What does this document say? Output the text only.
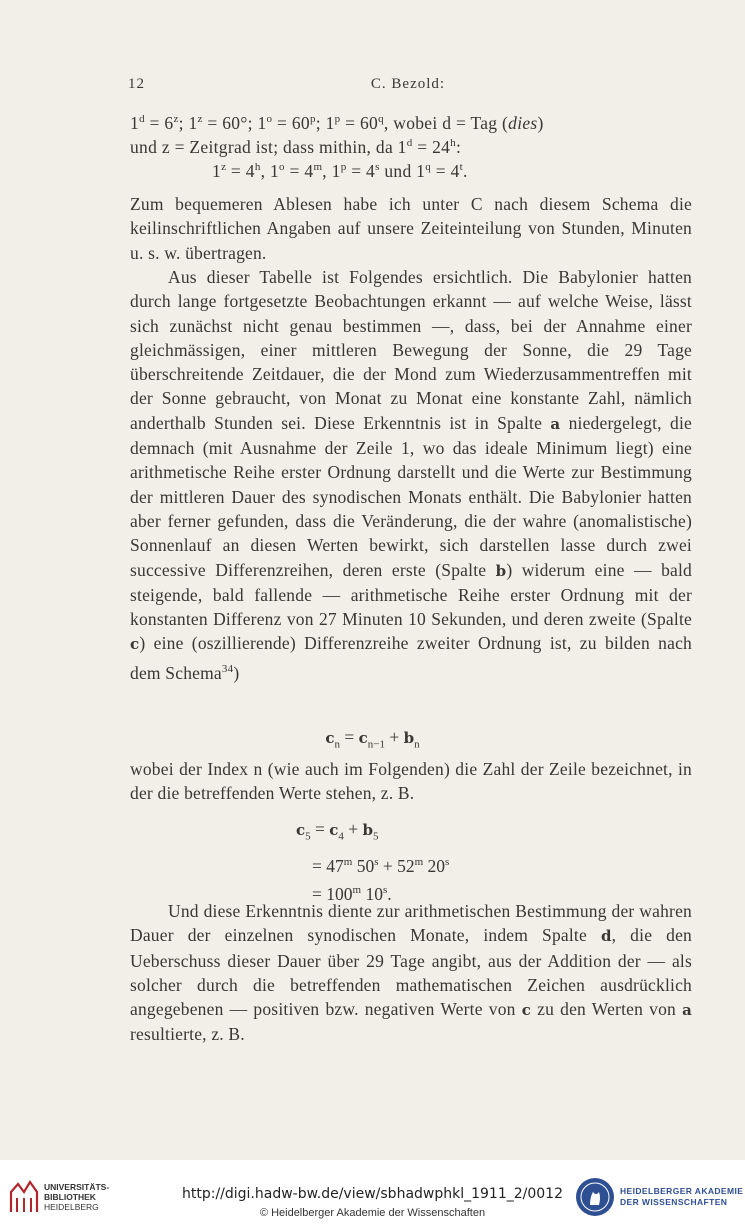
12	C. Bezold:
$1^d = 6^z$; $1^z = 60^\circ$; $1^o = 60^p$; $1^p = 60^q$, wobei d = Tag (dies)
und z = Zeitgrad ist; dass mithin, da $1^d = 24^h$:
$1^z = 4^h$, $1^o = 4^m$, $1^p = 4^s$ und $1^q = 4^t$.

Zum bequemeren Ablesen habe ich unter C nach diesem Schema die keilinschriftlichen Angaben auf unsere Zeiteinteilung von Stunden, Minuten u. s. w. übertragen.

Aus dieser Tabelle ist Folgendes ersichtlich. Die Babylonier hatten durch lange fortgesetzte Beobachtungen erkannt — auf welche Weise, lässt sich zunächst nicht genau bestimmen —, dass, bei der Annahme einer gleichmässigen, einer mittleren Bewegung der Sonne, die 29 Tage überschreitende Zeitdauer, die der Mond zum Wiederzusammentreffen mit der Sonne gebraucht, von Monat zu Monat eine konstante Zahl, nämlich anderthalb Stunden sei. Diese Erkenntnis ist in Spalte a niedergelegt, die demnach (mit Ausnahme der Zeile 1, wo das ideale Minimum liegt) eine arithmetische Reihe erster Ordnung darstellt und die Werte zur Bestimmung der mittleren Dauer des synodischen Monats enthält. Die Babylonier hatten aber ferner gefunden, dass die Veränderung, die der wahre (anomalistische) Sonnenlauf an diesen Werten bewirkt, sich darstellen lasse durch zwei successive Differenzreihen, deren erste (Spalte b) widerum eine — bald steigende, bald fallende — arithmetische Reihe erster Ordnung mit der konstanten Differenz von 27 Minuten 10 Sekunden, und deren zweite (Spalte c) eine (oszillierende) Differenzreihe zweiter Ordnung ist, zu bilden nach dem Schema$^{34}$)

$c_n = c_{n-1} + b_n$

wobei der Index n (wie auch im Folgenden) die Zahl der Zeile bezeichnet, in der die betreffenden Werte stehen, z. B.

$c_5 = c_4 + b_5$
= $47^m$ $50^s + 52^m$ $20^s$
= $100^m$ 10$^s$.

Und diese Erkenntnis diente zur arithmetischen Bestimmung der wahren Dauer der einzelnen synodischen Monate, indem Spalte d, die den Ueberschuss dieser Dauer über 29 Tage angibt, aus der Addition der — als solcher durch die betreffenden mathematischen Zeichen ausdrücklich angegebenen — positiven bzw. negativen Werte von c zu den Werten von a resultierte, z. B.

UNIVERSITÄTS-
BIBLIOTHEK
HEIDELBERG
http://digi.hadw-bw.de/view/sbhadwphkl_1911_2/0012
© Heidelberger Akademie der Wissenschaften
HEIDELBERGER AKADEMIE
DER WISSENSCHAFTEN
